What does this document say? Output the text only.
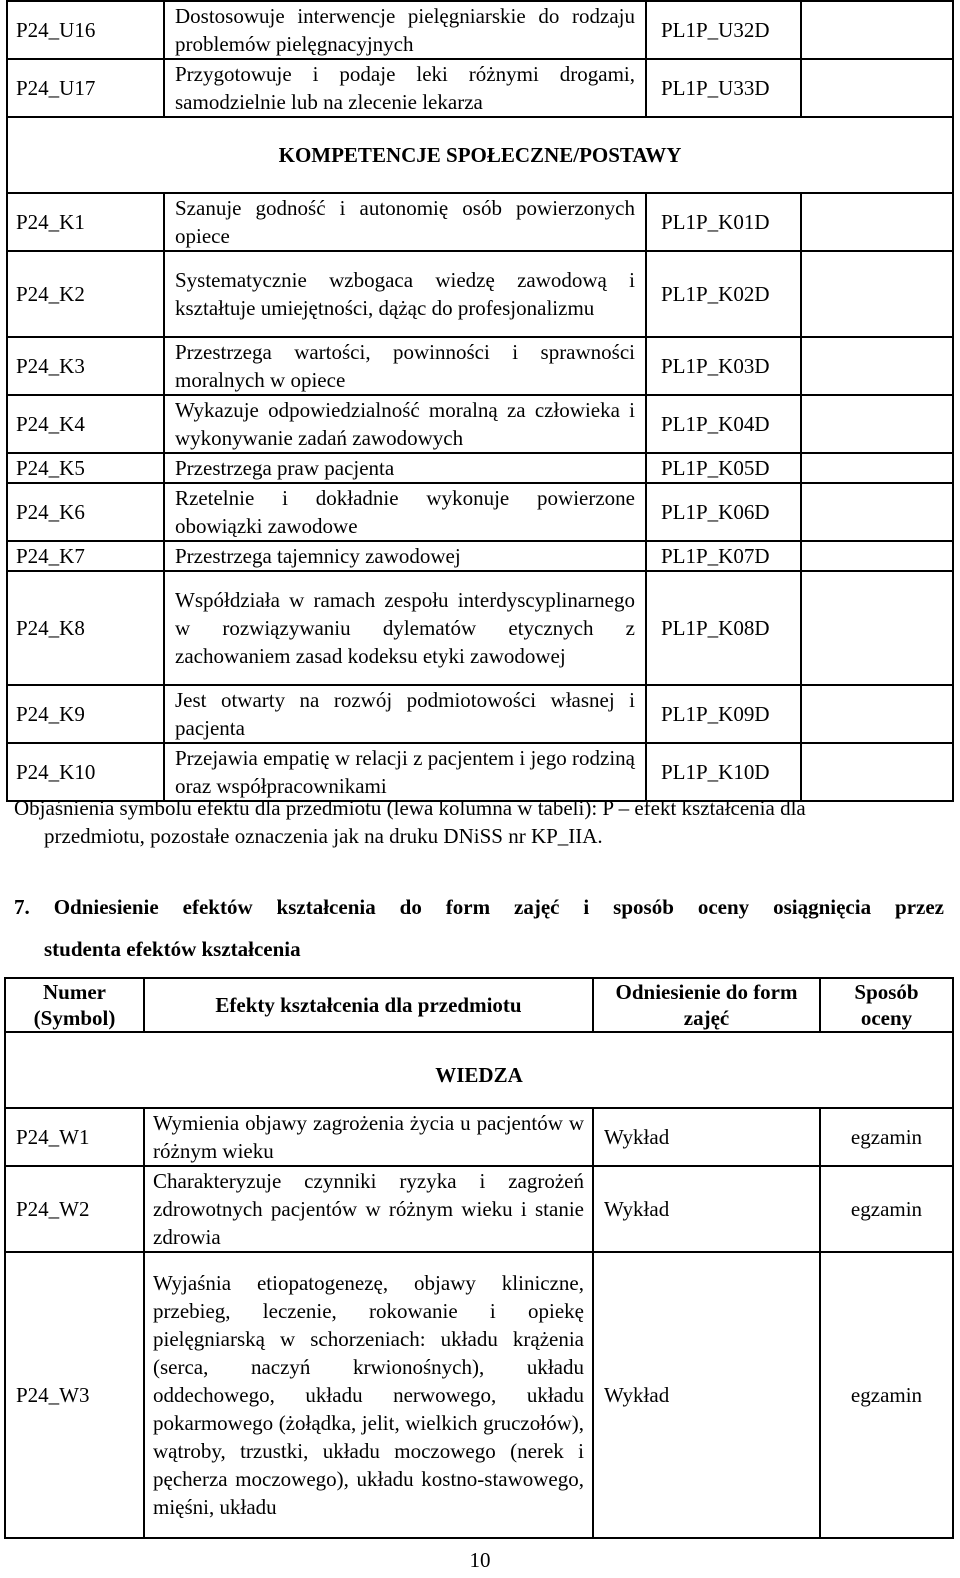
P24_U16	Dostosowuje interwencje pielęgniarskie do rodzaju problemów pielęgnacyjnych	PL1P_U32D	
P24_U17	Przygotowuje i podaje leki różnymi drogami, samodzielnie lub na zlecenie lekarza	PL1P_U33D	
KOMPETENCJE SPOŁECZNE/POSTAWY			
P24_K1	Szanuje godność i autonomię osób powierzonych opiece	PL1P_K01D	
P24_K2	Systematycznie wzbogaca wiedzę zawodową i kształtuje umiejętności, dążąc do profesjonalizmu	PL1P_K02D	
P24_K3	Przestrzega wartości, powinności i sprawności moralnych w opiece	PL1P_K03D	
P24_K4	Wykazuje odpowiedzialność moralną za człowieka i wykonywanie zadań zawodowych	PL1P_K04D	
P24_K5	Przestrzega praw pacjenta	PL1P_K05D	
P24_K6	Rzetelnie i dokładnie wykonuje powierzone obowiązki zawodowe	PL1P_K06D	
P24_K7	Przestrzega tajemnicy zawodowej	PL1P_K07D	
P24_K8	Współdziała w ramach zespołu interdyscyplinarnego w rozwiązywaniu dylematów etycznych z zachowaniem zasad kodeksu etyki zawodowej	PL1P_K08D	
P24_K9	Jest otwarty na rozwój podmiotowości własnej i pacjenta	PL1P_K09D	
P24_K10	Przejawia empatię w relacji z pacjentem i jego rodziną oraz współpracownikami	PL1P_K10D	
Objaśnienia symbolu efektu dla przedmiotu (lewa kolumna w tabeli): P – efekt kształcenia dla
przedmiotu, pozostałe oznaczenia jak na druku DNiSS nr KP_IIA.
7. Odniesienie efektów kształcenia do form zajęć i sposób oceny osiągnięcia przez
studenta efektów kształcenia
Numer (Symbol)	Efekty kształcenia dla przedmiotu	Odniesienie do form zajęć	Sposób oceny
WIEDZA			
P24_W1	Wymienia objawy zagrożenia życia u pacjentów w różnym wieku	Wykład	egzamin
P24_W2	Charakteryzuje czynniki ryzyka i zagrożeń zdrowotnych pacjentów w różnym wieku i stanie zdrowia	Wykład	egzamin
P24_W3	Wyjaśnia etiopatogenezę, objawy kliniczne, przebieg, leczenie, rokowanie i opiekę pielęgniarską w schorzeniach: układu krążenia (serca, naczyń krwionośnych), układu oddechowego, układu nerwowego, układu pokarmowego (żołądka, jelit, wielkich gruczołów), wątroby, trzustki, układu moczowego (nerek i pęcherza moczowego), układu kostno-stawowego, mięśni, układu	Wykład	egzamin
10
